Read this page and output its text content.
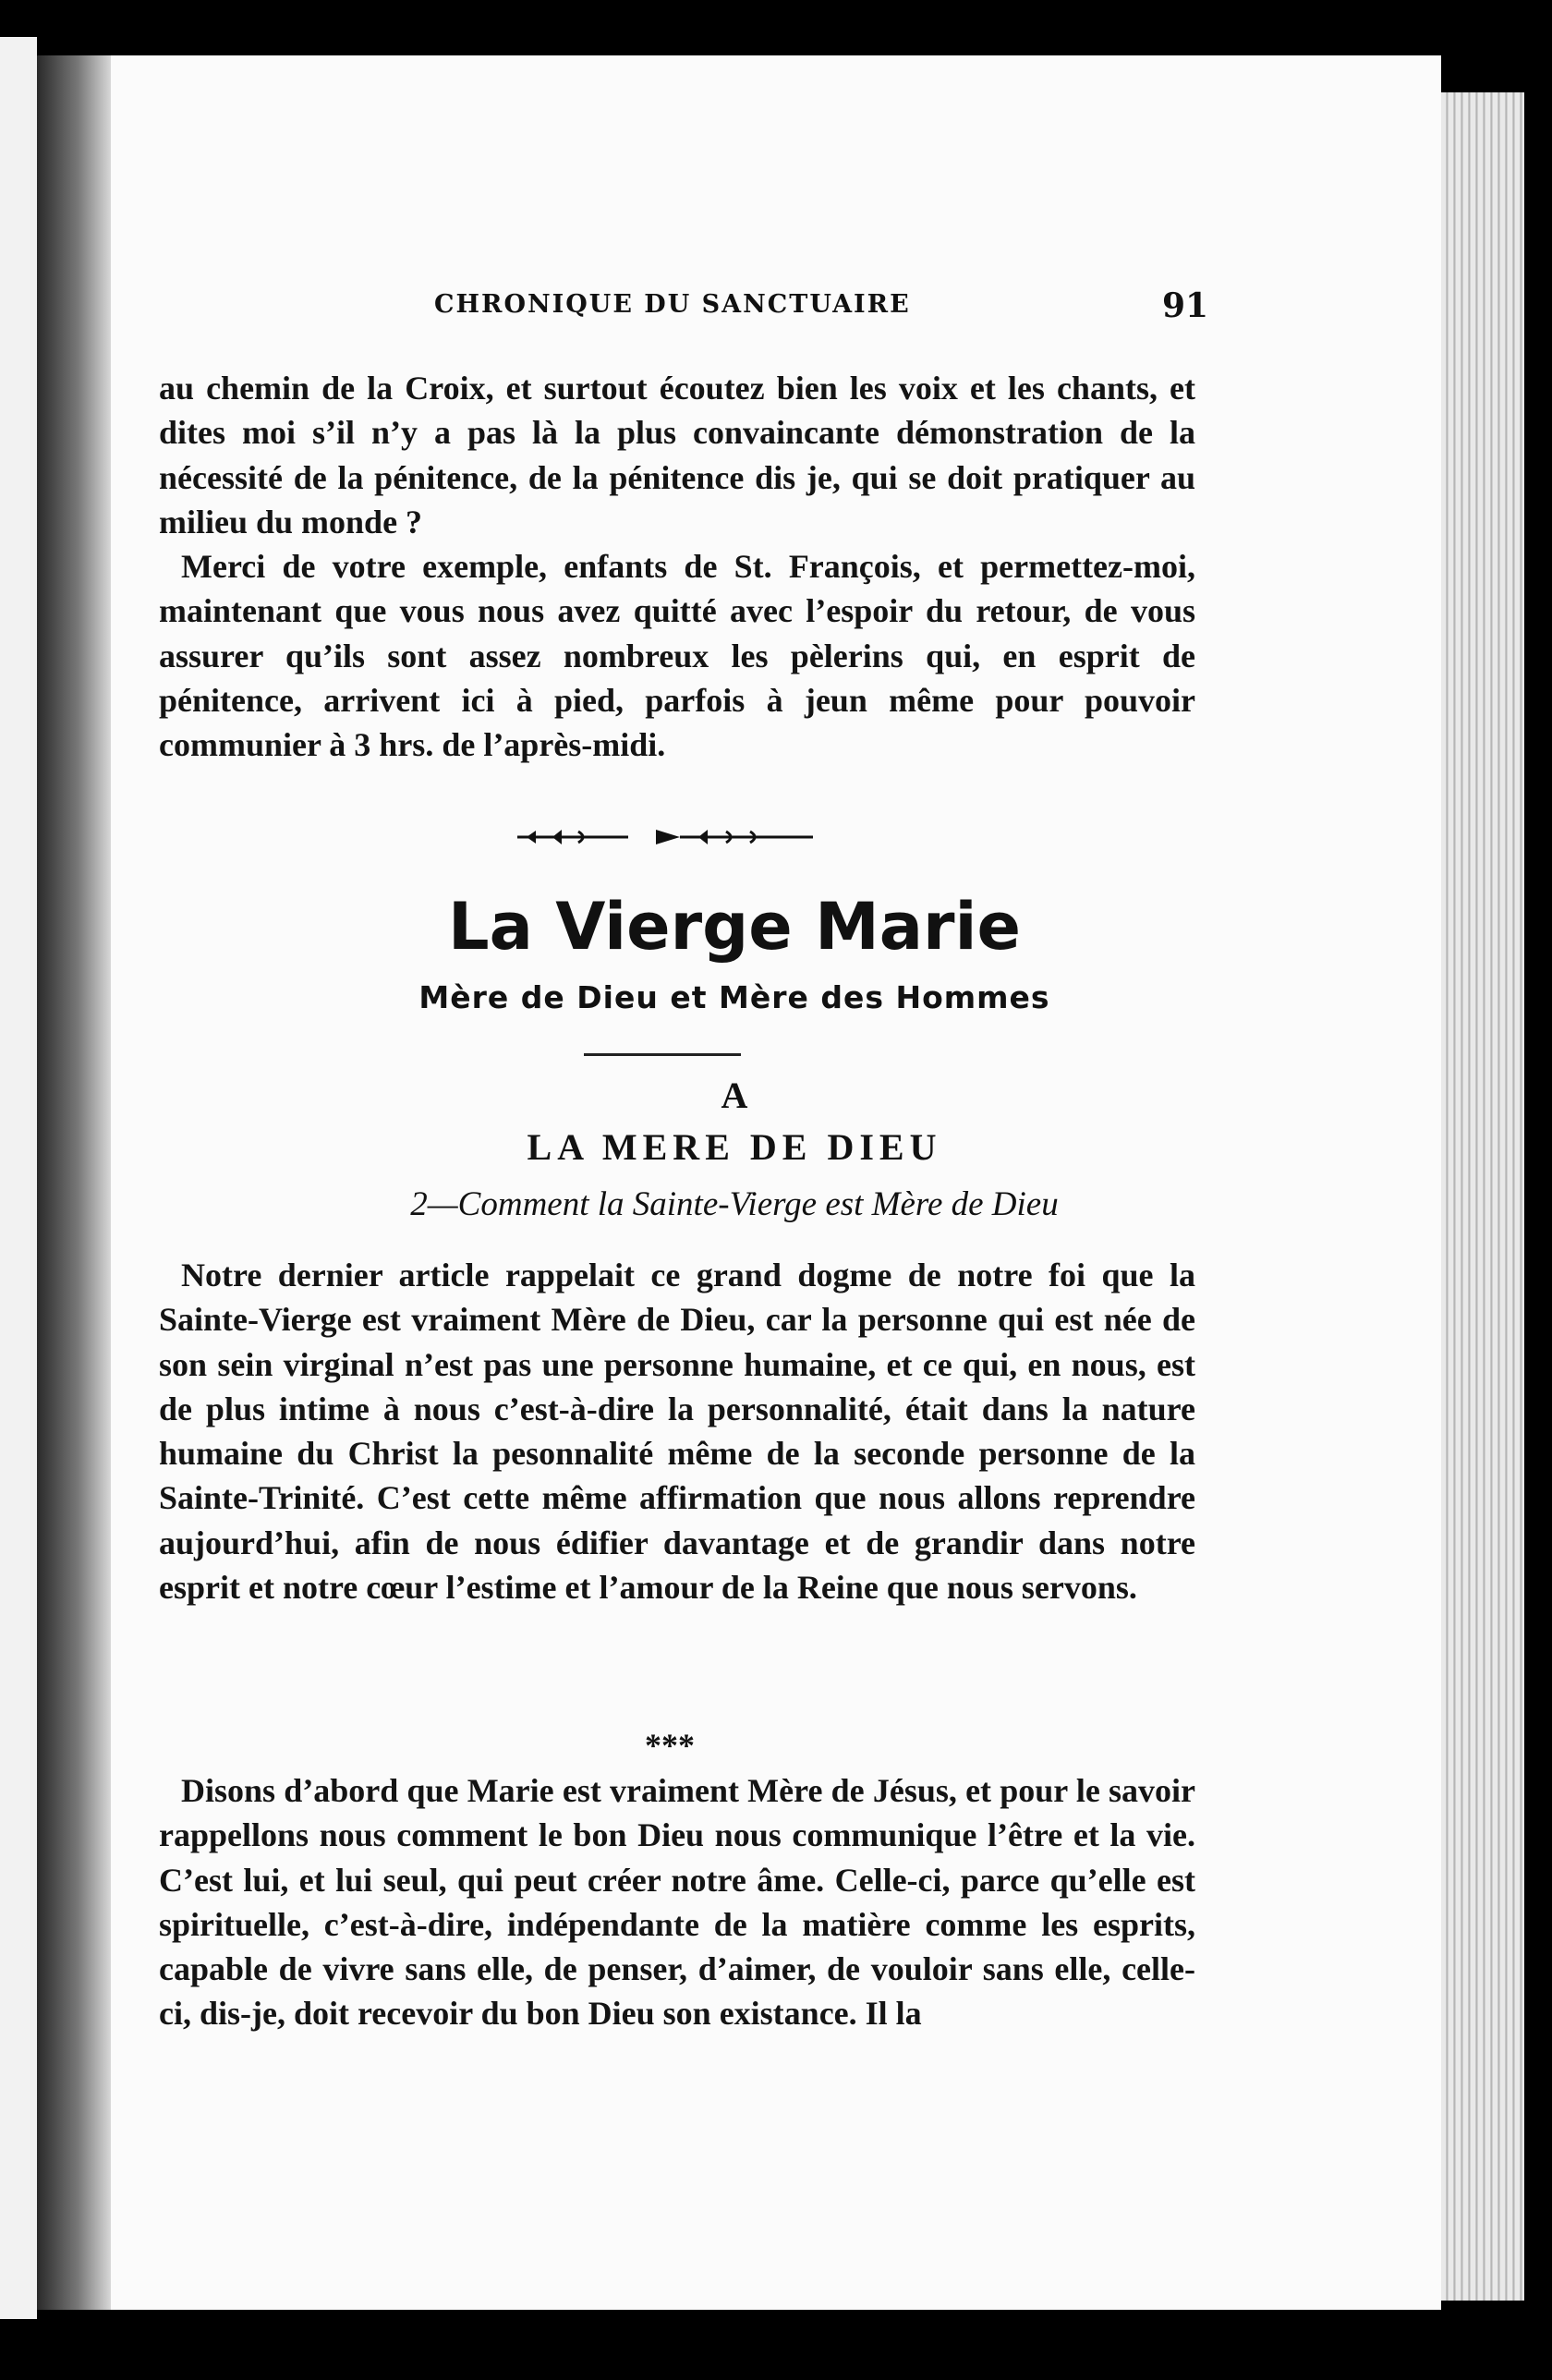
CHRONIQUE DU SANCTUAIRE	91

au chemin de la Croix, et surtout écoutez bien les voix et les chants, et dites moi s’il n’y a pas là la plus convaincante démonstration de la nécessité de la pénitence, de la pénitence dis je, qui se doit pratiquer au milieu du monde ?

Merci de votre exemple, enfants de St. François, et permettez-moi, maintenant que vous nous avez quitté avec l’espoir du retour, de vous assurer qu’ils sont assez nombreux les pèlerins qui, en esprit de pénitence, arrivent ici à pied, parfois à jeun même pour pouvoir communier à 3 hrs. de l’après-midi.

La Vierge Marie
Mère de Dieu et Mère des Hommes
A
LA MERE DE DIEU
2—Comment la Sainte-Vierge est Mère de Dieu

Notre dernier article rappelait ce grand dogme de notre foi que la Sainte-Vierge est vraiment Mère de Dieu, car la personne qui est née de son sein virginal n’est pas une personne humaine, et ce qui, en nous, est de plus intime à nous c’est-à-dire la personnalité, était dans la nature humaine du Christ la pesonnalité même de la seconde personne de la Sainte-Trinité. C’est cette même affirmation que nous allons reprendre aujourd’hui, afin de nous édifier davantage et de grandir dans notre esprit et notre cœur l’estime et l’amour de la Reine que nous servons.

***

Disons d’abord que Marie est vraiment Mère de Jésus, et pour le savoir rappellons nous comment le bon Dieu nous communique l’être et la vie. C’est lui, et lui seul, qui peut créer notre âme. Celle-ci, parce qu’elle est spirituelle, c’est-à-dire, indépendante de la matière comme les esprits, capable de vivre sans elle, de penser, d’aimer, de vouloir sans elle, celle-ci, dis-je, doit recevoir du bon Dieu son existance. Il la
